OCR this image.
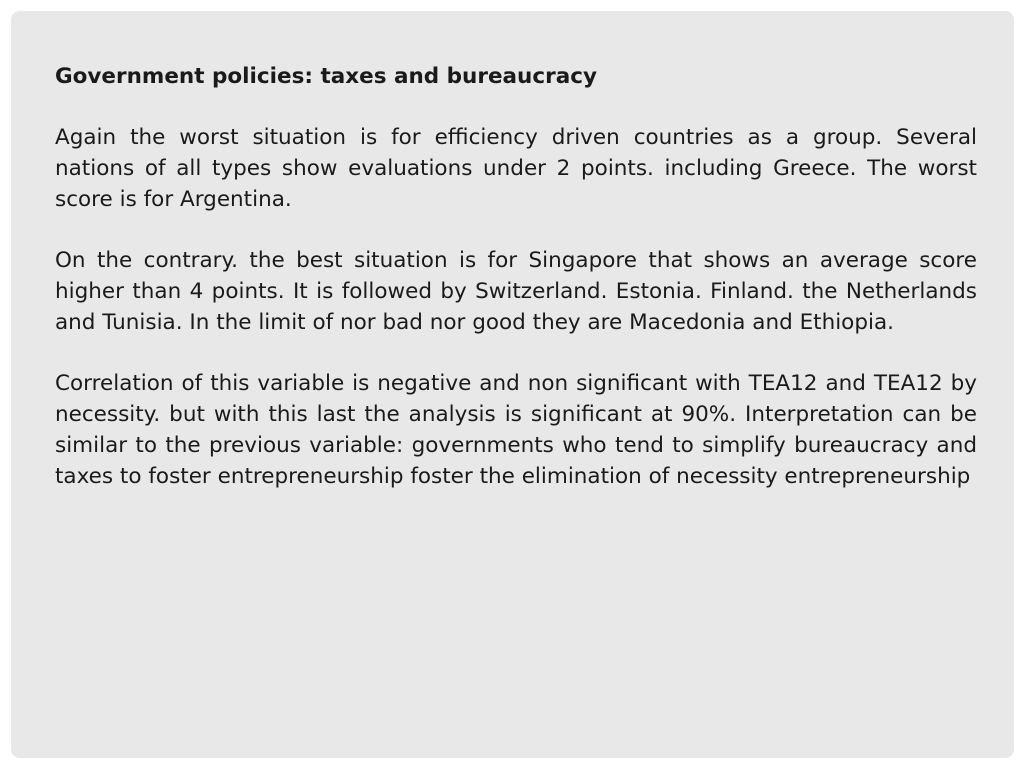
Government policies: taxes and bureaucracy

Again the worst situation is for efficiency driven countries as a group. Several nations of all types show evaluations under 2 points. including Greece. The worst score is for Argentina.

On the contrary. the best situation is for Singapore that shows an average score higher than 4 points. It is followed by Switzerland. Estonia. Finland. the Netherlands and Tunisia. In the limit of nor bad nor good they are Macedonia and Ethiopia.

Correlation of this variable is negative and non significant with TEA12 and TEA12 by necessity. but with this last the analysis is significant at 90%. Interpretation can be similar to the previous variable: governments who tend to simplify bureaucracy and taxes to foster entrepreneurship foster the elimination of necessity entrepreneurship
